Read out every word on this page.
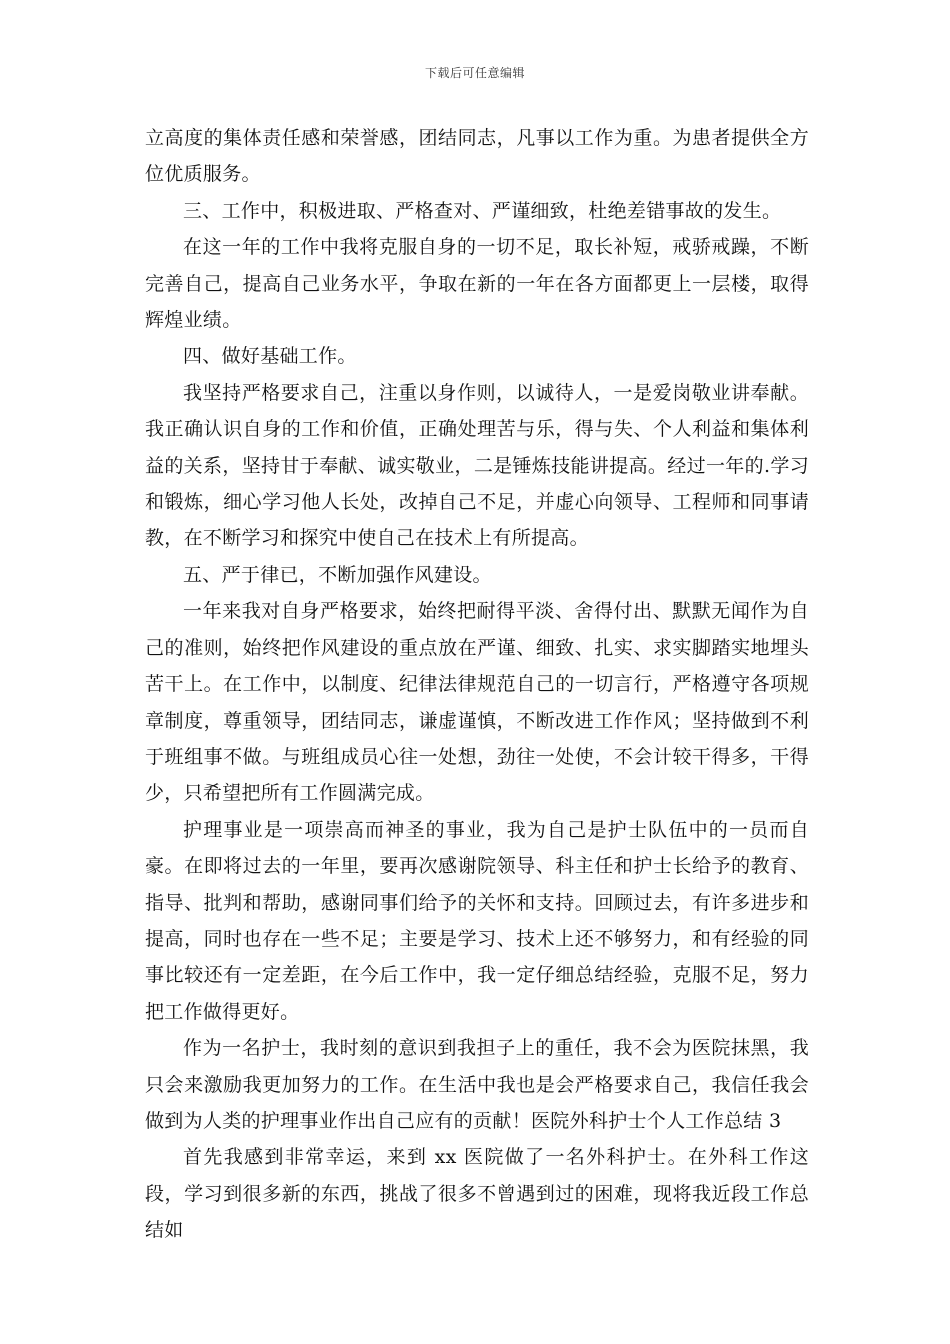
下载后可任意编辑

立高度的集体责任感和荣誉感，团结同志，凡事以工作为重。为患者提供全方位优质服务。

三、工作中，积极进取、严格查对、严谨细致，杜绝差错事故的发生。

在这一年的工作中我将克服自身的一切不足，取长补短，戒骄戒躁，不断完善自己，提高自己业务水平，争取在新的一年在各方面都更上一层楼，取得辉煌业绩。

四、做好基础工作。

我坚持严格要求自己，注重以身作则，以诚待人，一是爱岗敬业讲奉献。我正确认识自身的工作和价值，正确处理苦与乐，得与失、个人利益和集体利益的关系，坚持甘于奉献、诚实敬业，二是锤炼技能讲提高。经过一年的.学习和锻炼，细心学习他人长处，改掉自己不足，并虚心向领导、工程师和同事请教，在不断学习和探究中使自己在技术上有所提高。

五、严于律已，不断加强作风建设。

一年来我对自身严格要求，始终把耐得平淡、舍得付出、默默无闻作为自己的准则，始终把作风建设的重点放在严谨、细致、扎实、求实脚踏实地埋头苦干上。在工作中，以制度、纪律法律规范自己的一切言行，严格遵守各项规章制度，尊重领导，团结同志，谦虚谨慎，不断改进工作作风；坚持做到不利于班组事不做。与班组成员心往一处想，劲往一处使，不会计较干得多，干得少，只希望把所有工作圆满完成。

护理事业是一项崇高而神圣的事业，我为自己是护士队伍中的一员而自豪。在即将过去的一年里，要再次感谢院领导、科主任和护士长给予的教育、指导、批判和帮助，感谢同事们给予的关怀和支持。回顾过去，有许多进步和提高，同时也存在一些不足；主要是学习、技术上还不够努力，和有经验的同事比较还有一定差距，在今后工作中，我一定仔细总结经验，克服不足，努力把工作做得更好。

作为一名护士，我时刻的意识到我担子上的重任，我不会为医院抹黑，我只会来激励我更加努力的工作。在生活中我也是会严格要求自己，我信任我会做到为人类的护理事业作出自己应有的贡献！医院外科护士个人工作总结 3

首先我感到非常幸运，来到 xx 医院做了一名外科护士。在外科工作这段，学习到很多新的东西，挑战了很多不曾遇到过的困难，现将我近段工作总结如
